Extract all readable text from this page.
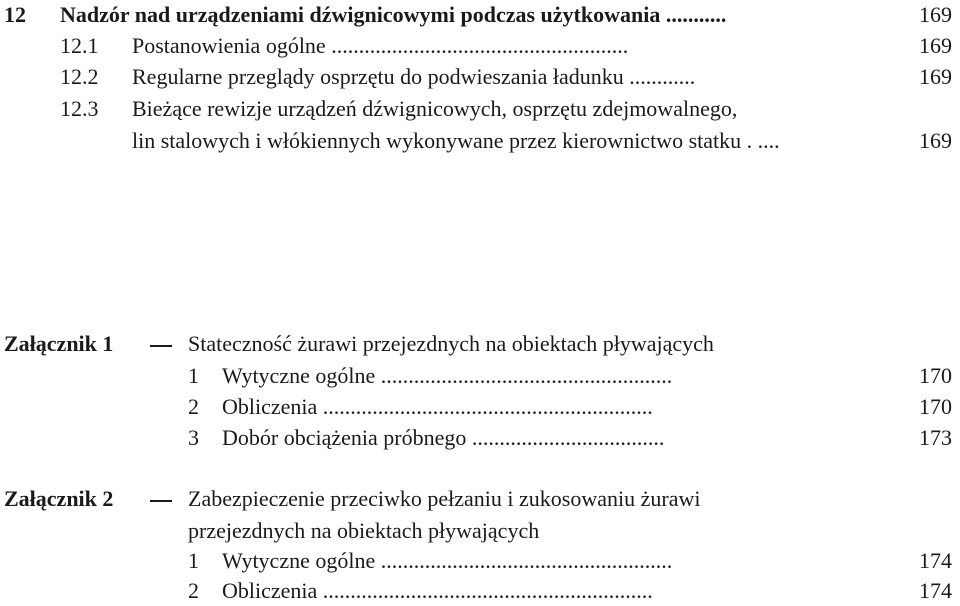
12 Nadzór nad urządzeniami dźwignicowymi podczas użytkowania ...........	169
12.1 Postanowienia ogólne ......................................................	169
12.2 Regularne przeglądy osprzętu do podwieszania ładunku ............	169
12.3 Bieżące rewizje urządzeń dźwignicowych, osprzętu zdejmowalnego,
lin stalowych i włókiennych wykonywane przez kierownictwo statku . ....	169
Załącznik 1	Stateczność żurawi przejezdnych na obiektach pływających
1 Wytyczne ogólne .....................................................	170
2 Obliczenia ............................................................	170
3 Dobór obciążenia próbnego ...................................	173
Załącznik 2	Zabezpieczenie przeciwko pełzaniu i zukosowaniu żurawi
przejezdnych na obiektach pływających
1 Wytyczne ogólne .....................................................	174
2 Obliczenia ............................................................	174
